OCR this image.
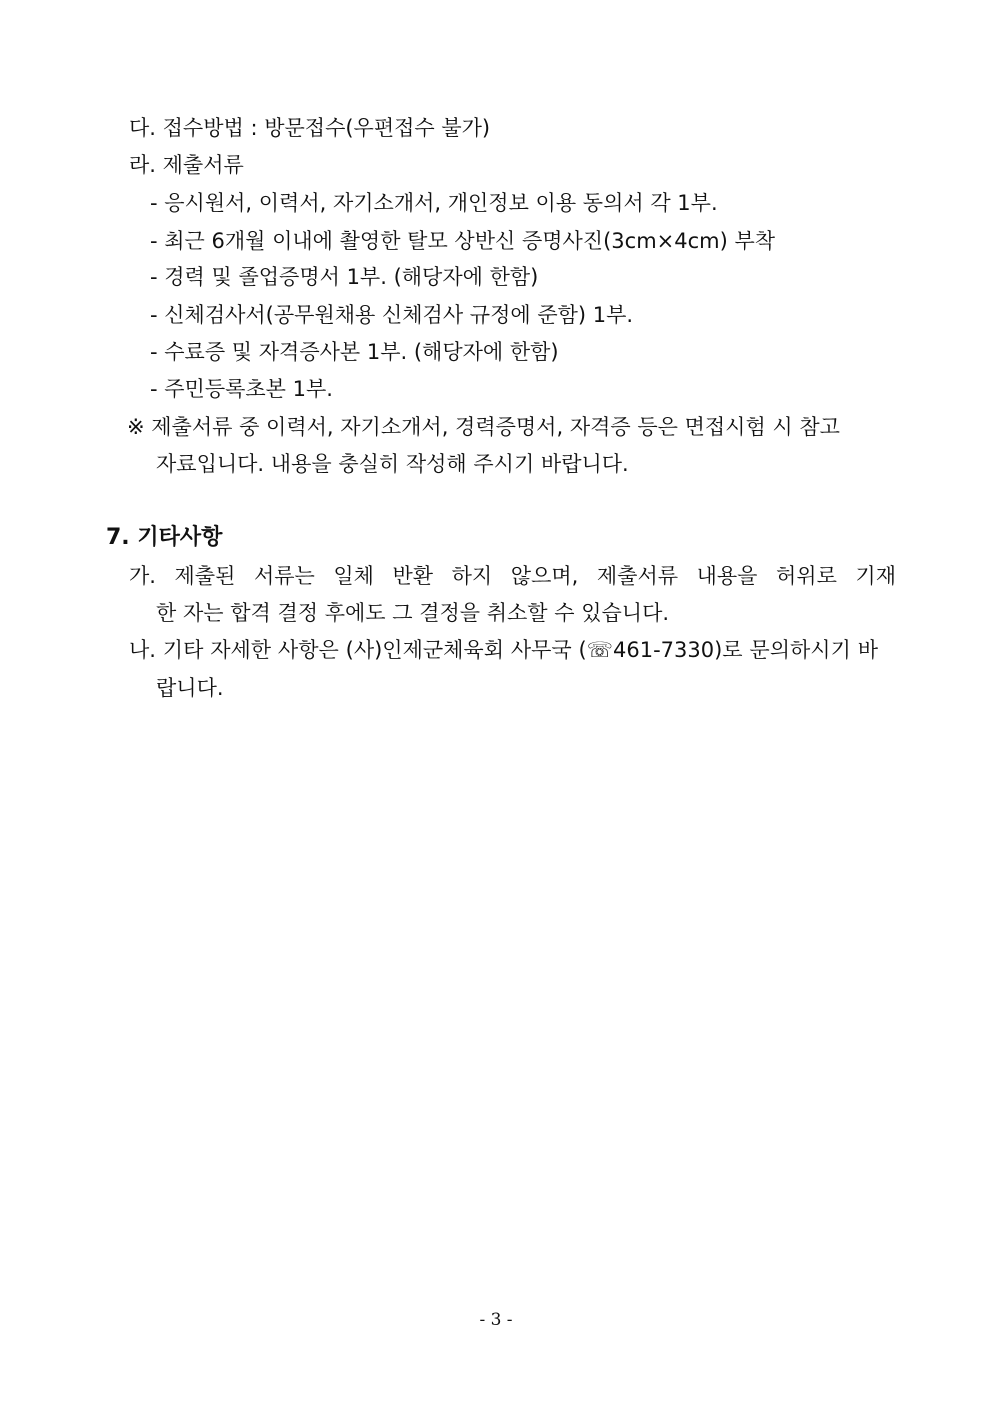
다. 접수방법 : 방문접수(우편접수 불가)
라. 제출서류
- 응시원서, 이력서, 자기소개서, 개인정보 이용 동의서 각 1부.
- 최근 6개월 이내에 촬영한 탈모 상반신 증명사진(3cm×4cm) 부착
- 경력 및 졸업증명서 1부. (해당자에 한함)
- 신체검사서(공무원채용 신체검사 규정에 준함) 1부.
- 수료증 및 자격증사본 1부. (해당자에 한함)
- 주민등록초본 1부.
※ 제출서류 중 이력서, 자기소개서, 경력증명서, 자격증 등은 면접시험 시 참고
자료입니다. 내용을 충실히 작성해 주시기 바랍니다.
7. 기타사항
가. 제출된 서류는 일체 반환 하지 않으며, 제출서류 내용을 허위로 기재
한 자는 합격 결정 후에도 그 결정을 취소할 수 있습니다.
나. 기타 자세한 사항은 (사)인제군체육회 사무국 (☏461-7330)로 문의하시기 바
랍니다.
- 3 -
